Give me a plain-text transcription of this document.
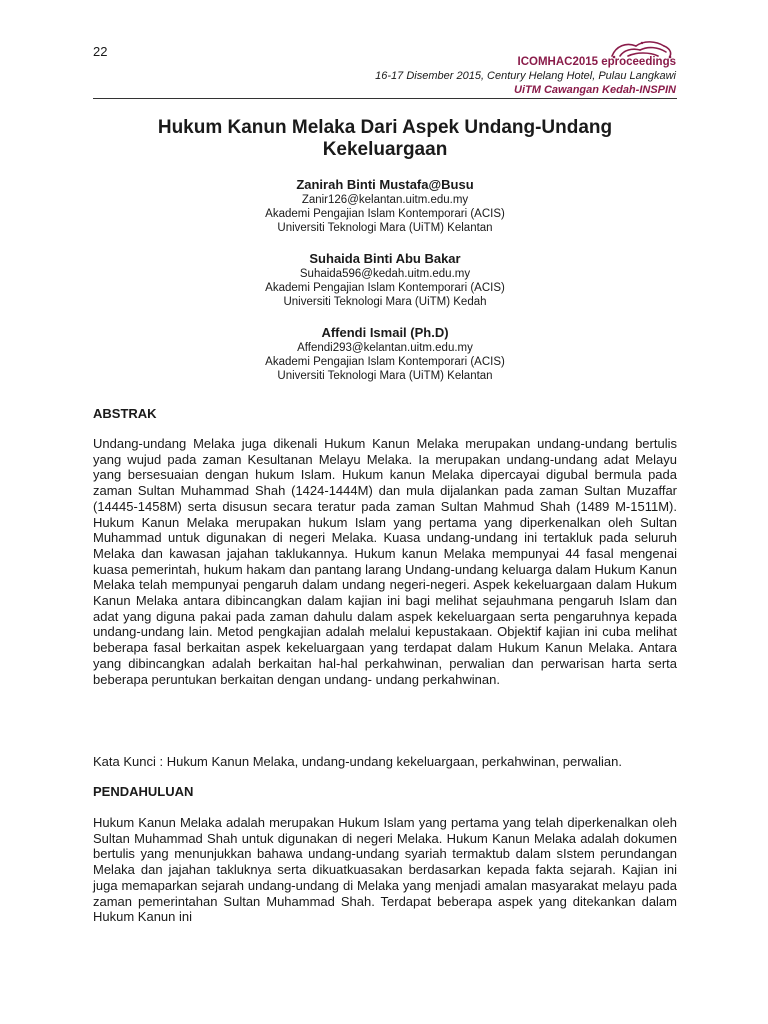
22
ICOMHAC2015 eproceedings
16-17 Disember 2015, Century Helang Hotel, Pulau Langkawi
UiTM Cawangan Kedah-INSPIN
Hukum Kanun Melaka Dari Aspek Undang-Undang Kekeluargaan
Zanirah Binti Mustafa@Busu
Zanir126@kelantan.uitm.edu.my
Akademi Pengajian Islam Kontemporari (ACIS)
Universiti Teknologi Mara (UiTM) Kelantan
Suhaida Binti Abu Bakar
Suhaida596@kedah.uitm.edu.my
Akademi Pengajian Islam Kontemporari (ACIS)
Universiti Teknologi Mara (UiTM) Kedah
Affendi Ismail (Ph.D)
Affendi293@kelantan.uitm.edu.my
Akademi Pengajian Islam Kontemporari (ACIS)
Universiti Teknologi Mara (UiTM) Kelantan
ABSTRAK
Undang-undang Melaka juga dikenali Hukum Kanun Melaka merupakan undang-undang bertulis yang wujud pada zaman Kesultanan Melayu Melaka. Ia merupakan undang-undang adat Melayu yang bersesuaian dengan hukum Islam. Hukum kanun Melaka dipercayai digubal bermula pada zaman Sultan Muhammad Shah (1424-1444M) dan mula dijalankan pada zaman Sultan Muzaffar (14445-1458M) serta disusun secara teratur pada zaman Sultan Mahmud Shah (1489 M-1511M). Hukum Kanun Melaka merupakan hukum Islam yang pertama yang diperkenalkan oleh Sultan Muhammad untuk digunakan di negeri Melaka. Kuasa undang-undang ini tertakluk pada seluruh Melaka dan kawasan jajahan taklukannya. Hukum kanun Melaka mempunyai 44 fasal mengenai kuasa pemerintah, hukum hakam dan pantang larang Undang-undang keluarga dalam Hukum Kanun Melaka telah mempunyai pengaruh dalam undang negeri-negeri. Aspek kekeluargaan dalam Hukum Kanun Melaka antara dibincangkan dalam kajian ini bagi melihat sejauhmana pengaruh Islam dan adat yang diguna pakai pada zaman dahulu dalam aspek kekeluargaan serta pengaruhnya kepada undang-undang lain. Metod pengkajian adalah melalui kepustakaan. Objektif kajian ini cuba melihat beberapa fasal berkaitan aspek kekeluargaan yang terdapat dalam Hukum Kanun Melaka. Antara yang dibincangkan adalah berkaitan hal-hal perkahwinan, perwalian dan perwarisan harta serta beberapa peruntukan berkaitan dengan undang- undang perkahwinan.
Kata Kunci : Hukum Kanun Melaka, undang-undang kekeluargaan, perkahwinan, perwalian.
PENDAHULUAN
Hukum Kanun Melaka adalah merupakan Hukum Islam yang pertama yang telah diperkenalkan oleh Sultan Muhammad Shah untuk digunakan di negeri Melaka. Hukum Kanun Melaka adalah dokumen bertulis yang menunjukkan bahawa undang-undang syariah termaktub dalam sIstem perundangan Melaka dan jajahan takluknya serta dikuatkuasakan berdasarkan kepada fakta sejarah. Kajian ini juga memaparkan sejarah undang-undang di Melaka yang menjadi amalan masyarakat melayu pada zaman pemerintahan Sultan Muhammad Shah. Terdapat beberapa aspek yang ditekankan dalam Hukum Kanun ini
